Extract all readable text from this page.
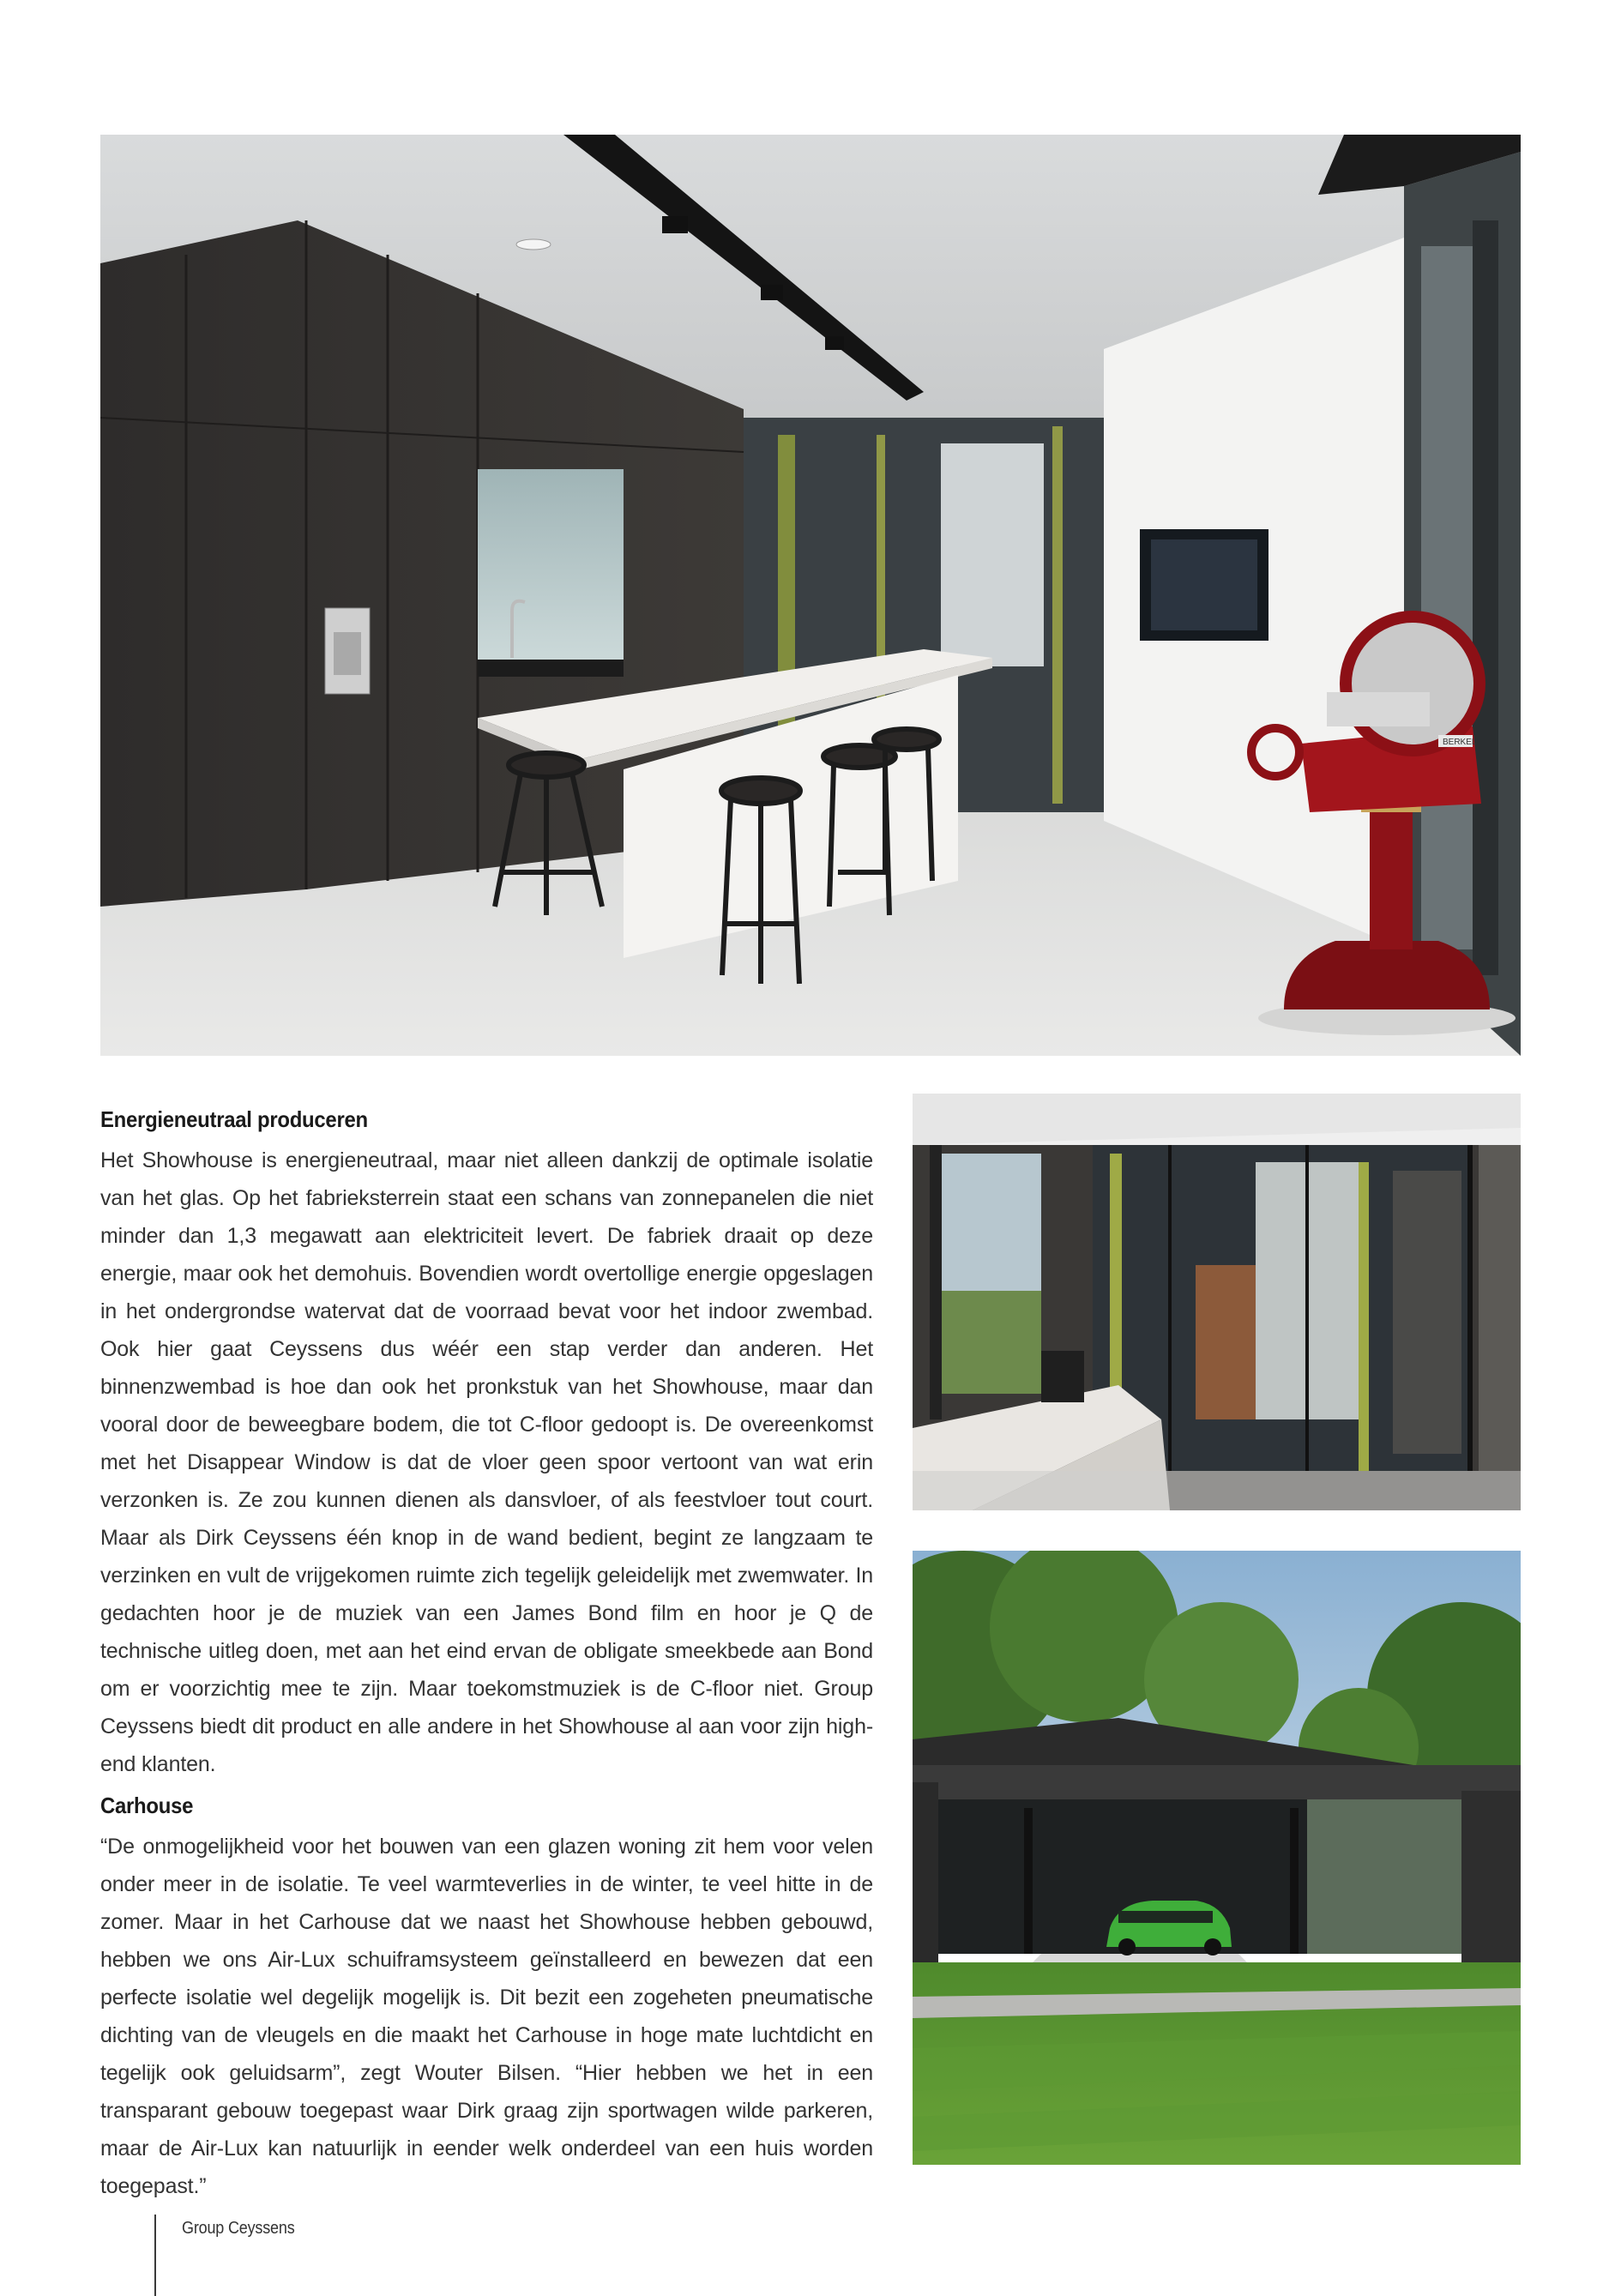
BERKEL
Energieneutraal produceren

Het Showhouse is energieneutraal, maar niet alleen dankzij de optimale isolatie van het glas. Op het fabrieksterrein staat een schans van zonnepanelen die niet minder dan 1,3 megawatt aan elektriciteit levert. De fabriek draait op deze energie, maar ook het demohuis. Bovendien wordt overtollige energie opgeslagen in het ondergrondse watervat dat de voorraad bevat voor het indoor zwembad. Ook hier gaat Ceyssens dus wéér een stap verder dan anderen. Het binnenzwembad is hoe dan ook het pronkstuk van het Showhouse, maar dan vooral door de beweegbare bodem, die tot C-floor gedoopt is. De overeenkomst met het Disappear Window is dat de vloer geen spoor vertoont van wat erin verzonken is. Ze zou kunnen dienen als dansvloer, of als feestvloer tout court. Maar als Dirk Ceyssens één knop in de wand bedient, begint ze langzaam te verzinken en vult de vrijgekomen ruimte zich tegelijk geleidelijk met zwemwater. In gedachten hoor je de muziek van een James Bond film en hoor je Q de technische uitleg doen, met aan het eind ervan de obligate smeekbede aan Bond om er voorzichtig mee te zijn. Maar toekomstmuziek is de C-floor niet. Group Ceyssens biedt dit product en alle andere in het Showhouse al aan voor zijn high-end klanten.

Carhouse

“De onmogelijkheid voor het bouwen van een glazen woning zit hem voor velen onder meer in de isolatie. Te veel warmteverlies in de winter, te veel hitte in de zomer. Maar in het Carhouse dat we naast het Showhouse hebben gebouwd, hebben we ons Air-Lux schuiframsysteem geïnstalleerd en bewezen dat een perfecte isolatie wel degelijk mogelijk is. Dit bezit een zogeheten pneumatische dichting van de vleugels en die maakt het Carhouse in hoge mate luchtdicht en tegelijk ook geluidsarm”, zegt Wouter Bilsen. “Hier hebben we het in een transparant gebouw toegepast waar Dirk graag zijn sportwagen wilde parkeren, maar de Air-Lux kan natuurlijk in eender welk onderdeel van een huis worden toegepast.”

Group Ceyssens
